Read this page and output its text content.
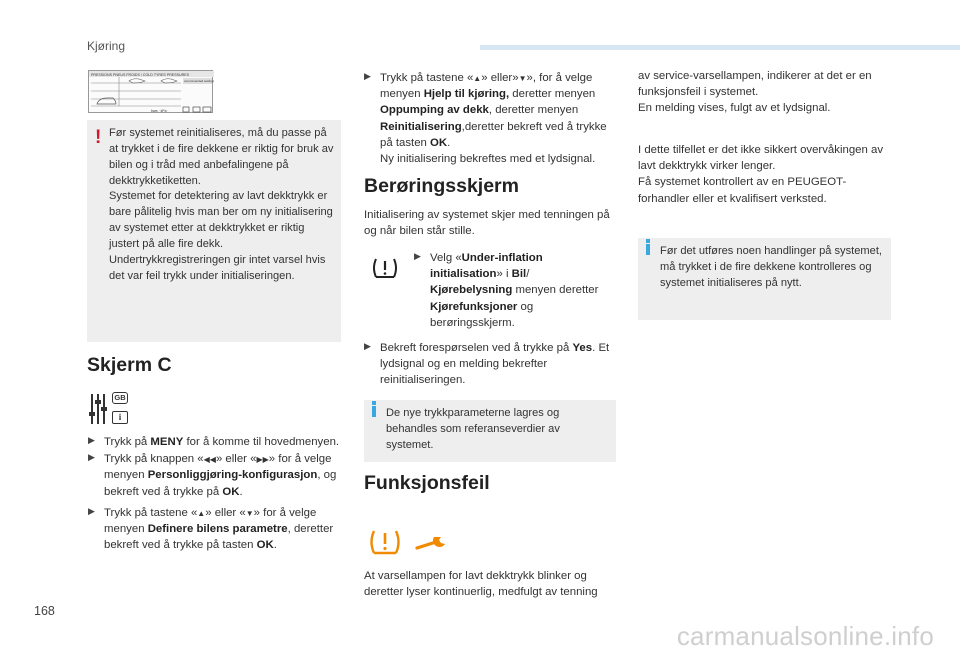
Kjøring
PRESSIONS PNEUS FROIDS / COLD TYRES PRESSURES
recommended settings
bars · kPa ·
! Før systemet reinitialiseres, må du passe på at trykket i de fire dekkene er riktig for bruk av bilen og i tråd med anbefalingene på dekktrykketiketten.

Systemet for detektering av lavt dekktrykk er bare pålitelig hvis man ber om ny initialisering av systemet etter at dekktrykket er riktig justert på alle fire dekk.

Undertrykkregistreringen gir intet varsel hvis det var feil trykk under initialiseringen.

Skjerm C
GB
i
▶ Trykk på MENY for å komme til hovedmenyen.
▶ Trykk på knappen «◀◀» eller «▶▶» for å velge menyen Personliggjøring-konfigurasjon, og bekreft ved å trykke på OK.
▶ Trykk på tastene «▲» eller «▼» for å velge menyen Definere bilens parametre, deretter bekreft ved å trykke på tasten OK.
▶ Trykk på tastene «▲» eller»▼», for å velge menyen Hjelp til kjøring, deretter menyen Oppumping av dekk, deretter menyen Reinitialisering,deretter bekreft ved å trykke på tasten OK.
Ny initialisering bekreftes med et lydsignal.
Berøringsskjerm

Initialisering av systemet skjer med tenningen på og når bilen står stille.

▶ Velg «Under-inflation initialisation» i Bil/ Kjørebelysning menyen deretter Kjørefunksjoner og berøringsskjerm.
▶ Bekreft forespørselen ved å trykke på Yes. Et lydsignal og en melding bekrefter reinitialiseringen.

De nye trykkparameterne lagres og behandles som referanseverdier av systemet.

Funksjonsfeil

At varsellampen for lavt dekktrykk blinker og deretter lyser kontinuerlig, medfulgt av tenning

av service-varsellampen, indikerer at det er en funksjonsfeil i systemet.
En melding vises, fulgt av et lydsignal.

I dette tilfellet er det ikke sikkert overvåkingen av lavt dekktrykk virker lenger.
Få systemet kontrollert av en PEUGEOT-forhandler eller et kvalifisert verksted.

Før det utføres noen handlinger på systemet, må trykket i de fire dekkene kontrolleres og systemet initialiseres på nytt.

168
carmanualsonline.info
